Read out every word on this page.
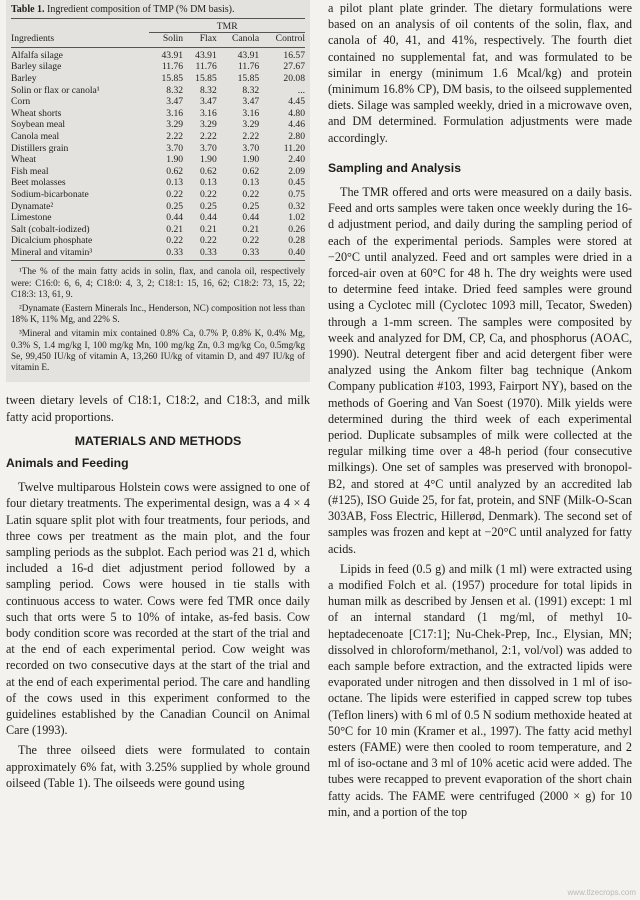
Table 1. Ingredient composition of TMP (% DM basis).
	TMR			
Ingredients	Solin	Flax	Canola	Control
Alfalfa silage	43.91	43.91	43.91	16.57
Barley silage	11.76	11.76	11.76	27.67
Barley	15.85	15.85	15.85	20.08
Solin or flax or canola¹	8.32	8.32	8.32	...
Corn	3.47	3.47	3.47	4.45
Wheat shorts	3.16	3.16	3.16	4.80
Soybean meal	3.29	3.29	3.29	4.46
Canola meal	2.22	2.22	2.22	2.80
Distillers grain	3.70	3.70	3.70	11.20
Wheat	1.90	1.90	1.90	2.40
Fish meal	0.62	0.62	0.62	2.09
Beet molasses	0.13	0.13	0.13	0.45
Sodium-bicarbonate	0.22	0.22	0.22	0.75
Dynamate²	0.25	0.25	0.25	0.32
Limestone	0.44	0.44	0.44	1.02
Salt (cobalt-iodized)	0.21	0.21	0.21	0.26
Dicalcium phosphate	0.22	0.22	0.22	0.28
Mineral and vitamin³	0.33	0.33	0.33	0.40

¹The % of the main fatty acids in solin, flax, and canola oil, respectively were: C16:0: 6, 6, 4; C18:0: 4, 3, 2; C18:1: 15, 16, 62; C18:2: 73, 15, 22; C18:3: 13, 61, 9.

²Dynamate (Eastern Minerals Inc., Henderson, NC) composition not less than 18% K, 11% Mg, and 22% S.

³Mineral and vitamin mix contained 0.8% Ca, 0.7% P, 0.8% K, 0.4% Mg, 0.3% S, 1.4 mg/kg I, 100 mg/kg Mn, 100 mg/kg Zn, 0.3 mg/kg Co, 0.5mg/kg Se, 99,450 IU/kg of vitamin A, 13,260 IU/kg of vitamin D, and 497 IU/kg of vitamin E.

tween dietary levels of C18:1, C18:2, and C18:3, and milk fatty acid proportions.

MATERIALS AND METHODS
Animals and Feeding

Twelve multiparous Holstein cows were assigned to one of four dietary treatments. The experimental design, was a 4 × 4 Latin square split plot with four treatments, four periods, and three cows per treatment as the main plot, and the four sampling periods as the subplot. Each period was 21 d, which included a 16-d diet adjustment period followed by a sampling period. Cows were housed in tie stalls with continuous access to water. Cows were fed TMR once daily such that orts were 5 to 10% of intake, as-fed basis. Cow body condition score was recorded at the start of the trial and at the end of each experimental period. Cow weight was recorded on two consecutive days at the start of the trial and at the end of each experimental period. The care and handling of the cows used in this experiment conformed to the guidelines established by the Canadian Council on Animal Care (1993).

The three oilseed diets were formulated to contain approximately 6% fat, with 3.25% supplied by whole ground oilseed (Table 1). The oilseeds were gound using

a pilot plant plate grinder. The dietary formulations were based on an analysis of oil contents of the solin, flax, and canola of 40, 41, and 41%, respectively. The fourth diet contained no supplemental fat, and was formulated to be similar in energy (minimum 1.6 Mcal/kg) and protein (minimum 16.8% CP), DM basis, to the oilseed supplemented diets. Silage was sampled weekly, dried in a microwave oven, and DM determined. Formulation adjustments were made accordingly.

Sampling and Analysis

The TMR offered and orts were measured on a daily basis. Feed and orts samples were taken once weekly during the 16-d adjustment period, and daily during the sampling period of each of the experimental periods. Samples were stored at −20°C until analyzed. Feed and ort samples were dried in a forced-air oven at 60°C for 48 h. The dry weights were used to determine feed intake. Dried feed samples were ground using a Cyclotec mill (Cyclotec 1093 mill, Tecator, Sweden) through a 1-mm screen. The samples were composited by week and analyzed for DM, CP, Ca, and phosphorus (AOAC, 1990). Neutral detergent fiber and acid detergent fiber were analyzed using the Ankom filter bag technique (Ankom Company publication #103, 1993, Fairport NY), based on the methods of Goering and Van Soest (1970). Milk yields were determined during the third week of each experimental period. Duplicate subsamples of milk were collected at the regular milking time over a 48-h period (four consecutive milkings). One set of samples was preserved with bronopol-B2, and stored at 4°C until analyzed by an accredited lab (#125), ISO Guide 25, for fat, protein, and SNF (Milk-O-Scan 303AB, Foss Electric, Hillerød, Denmark). The second set of samples was frozen and kept at −20°C until analyzed for fatty acids.

Lipids in feed (0.5 g) and milk (1 ml) were extracted using a modified Folch et al. (1957) procedure for total lipids in human milk as described by Jensen et al. (1991) except: 1 ml of an internal standard (1 mg/ml, of methyl 10- heptadecenoate [C17:1]; Nu-Chek-Prep, Inc., Elysian, MN; dissolved in chloroform/methanol, 2:1, vol/vol) was added to each sample before extraction, and the extracted lipids were evaporated under nitrogen and then dissolved in 1 ml of iso-octane. The lipids were esterified in capped screw top tubes (Teflon liners) with 6 ml of 0.5 N sodium methoxide heated at 50°C for 10 min (Kramer et al., 1997). The fatty acid methyl esters (FAME) were then cooled to room temperature, and 2 ml of iso-octane and 3 ml of 10% acetic acid were added. The tubes were recapped to prevent evaporation of the short chain fatty acids. The FAME were centrifuged (2000 × g) for 10 min, and a portion of the top

www.tlzecrops.com
